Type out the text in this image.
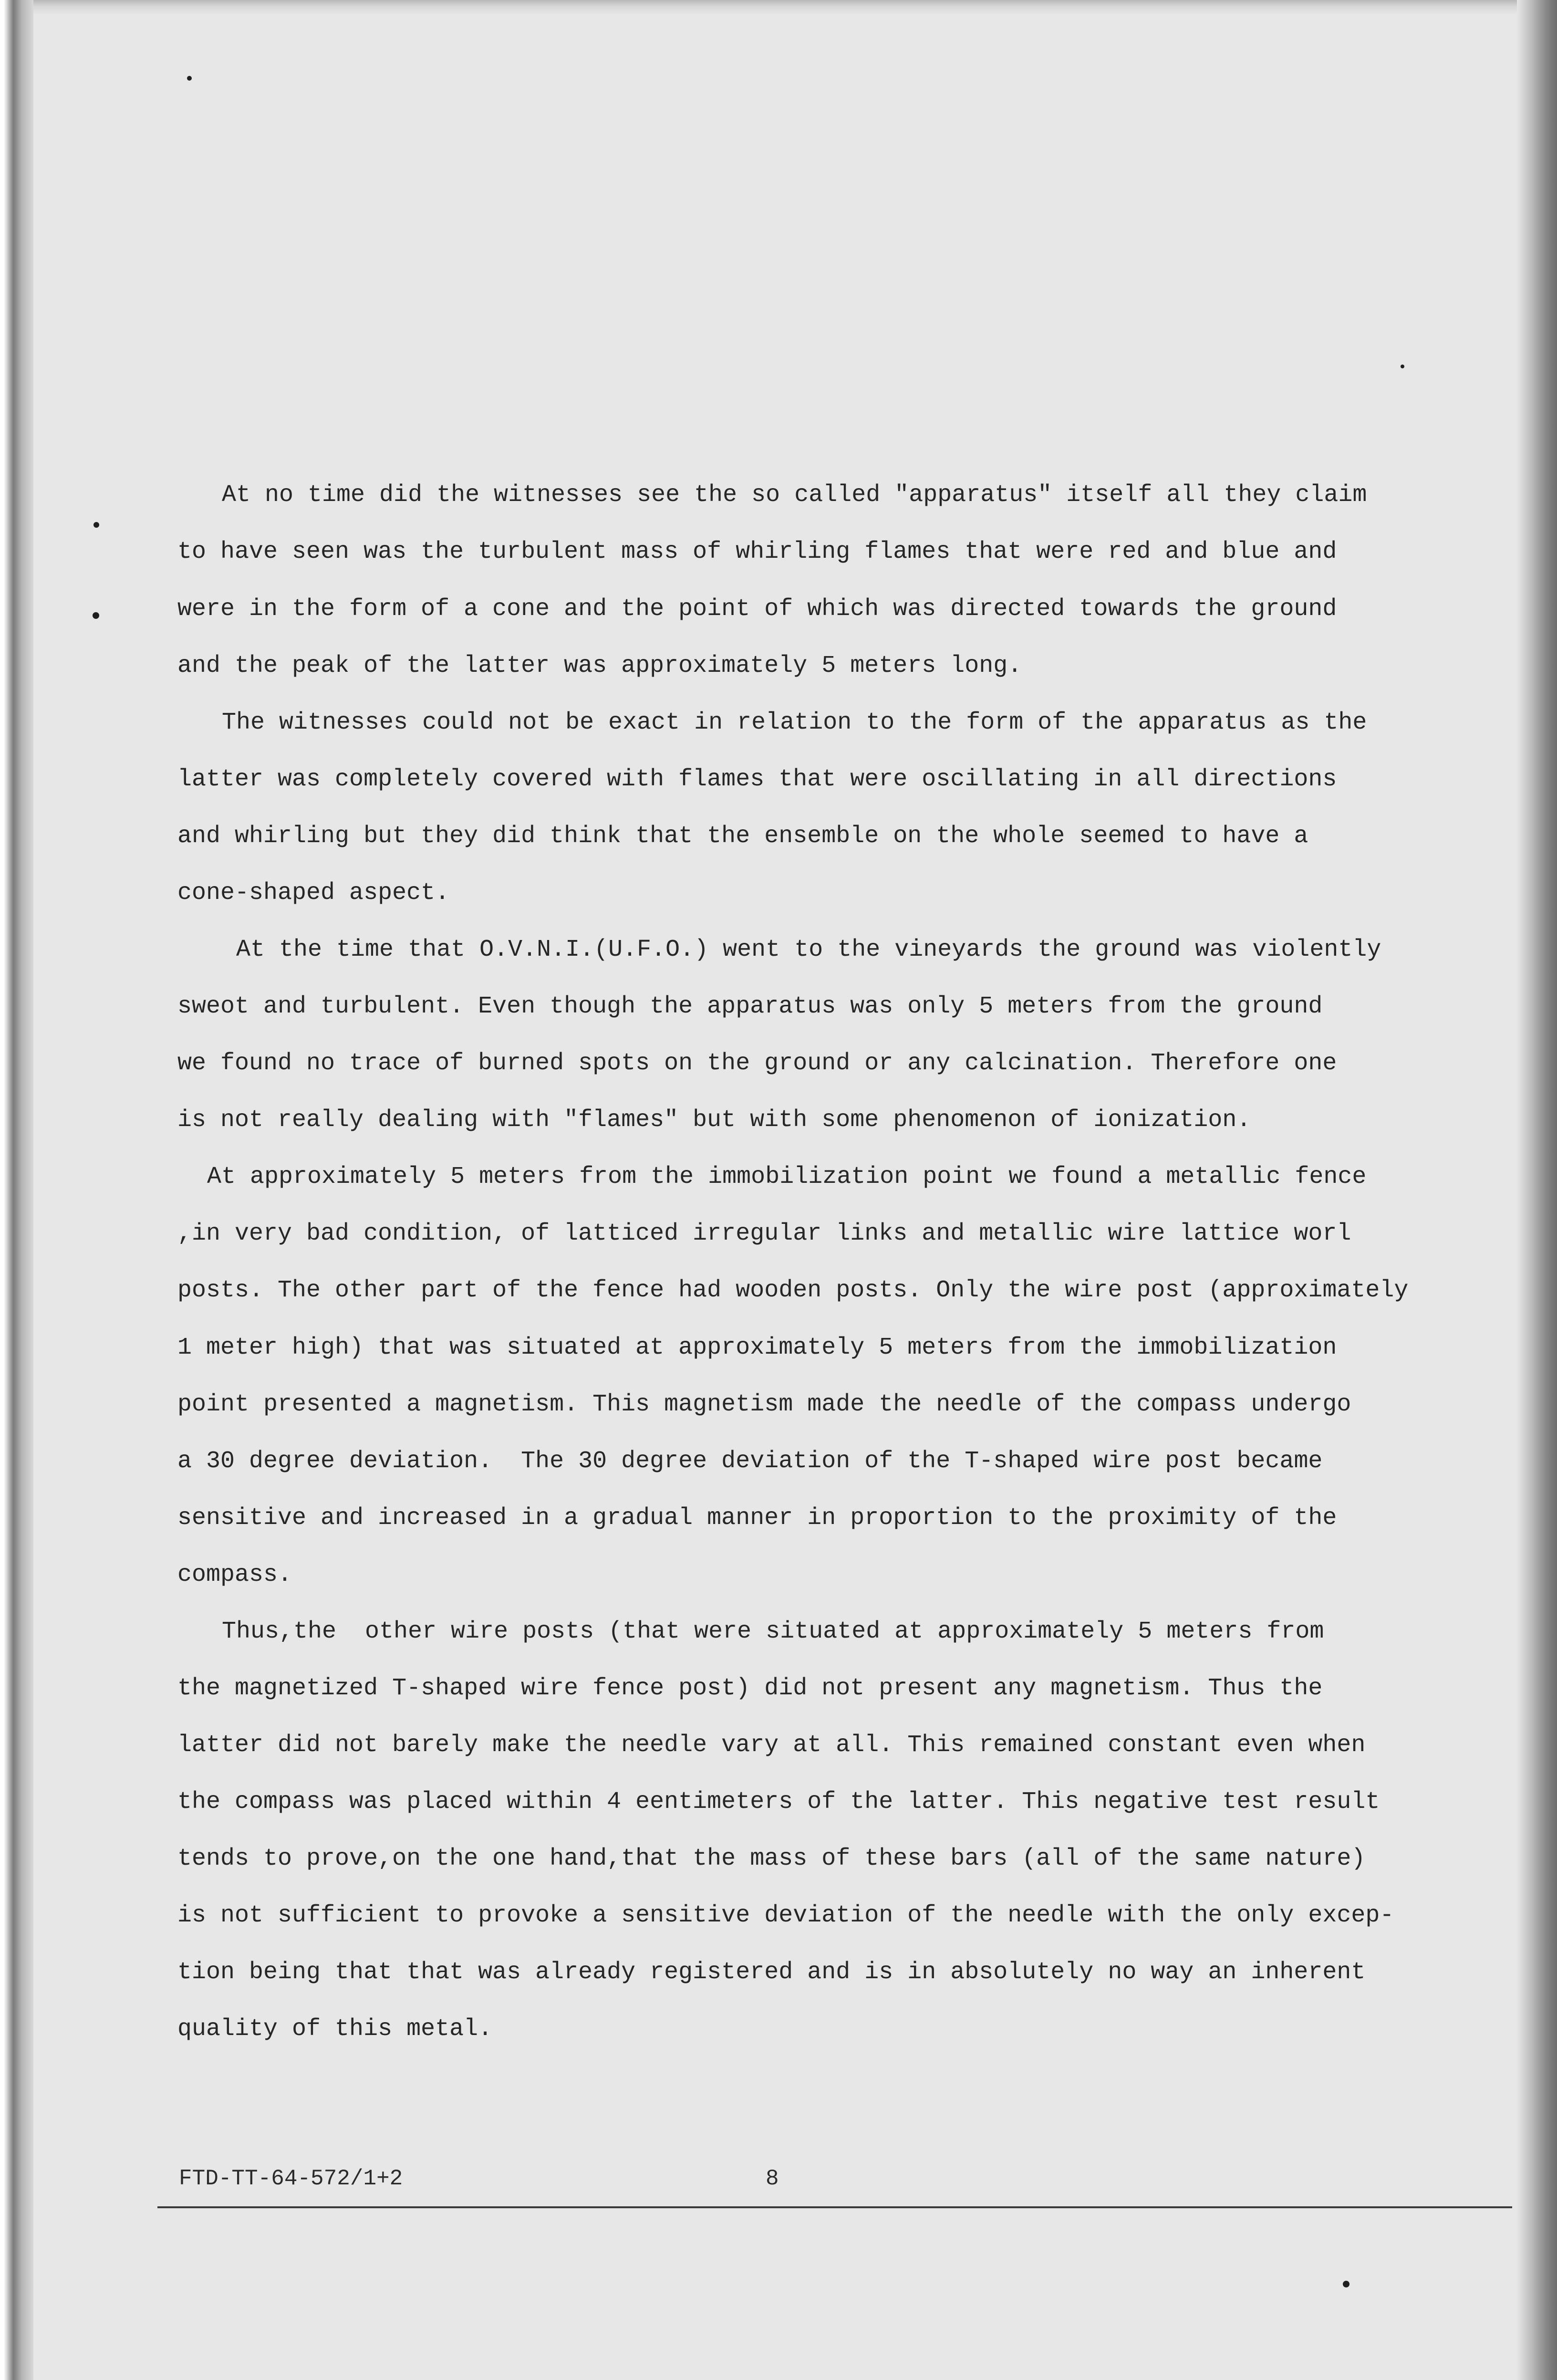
At no time did the witnesses see the so called "apparatus" itself all they claim
to have seen was the turbulent mass of whirling flames that were red and blue and
were in the form of a cone and the point of which was directed towards the ground
and the peak of the latter was approximately 5 meters long.
The witnesses could not be exact in relation to the form of the apparatus as the
latter was completely covered with flames that were oscillating in all directions
and whirling but they did think that the ensemble on the whole seemed to have a
cone-shaped aspect.
At the time that O.V.N.I.(U.F.O.) went to the vineyards the ground was violently
sweot and turbulent. Even though the apparatus was only 5 meters from the ground
we found no trace of burned spots on the ground or any calcination. Therefore one
is not really dealing with "flames" but with some phenomenon of ionization.
At approximately 5 meters from the immobilization point we found a metallic fence
,in very bad condition, of latticed irregular links and metallic wire lattice worl
posts. The other part of the fence had wooden posts. Only the wire post (approximately
1 meter high) that was situated at approximately 5 meters from the immobilization
point presented a magnetism. This magnetism made the needle of the compass undergo
a 30 degree deviation.  The 30 degree deviation of the T-shaped wire post became
sensitive and increased in a gradual manner in proportion to the proximity of the
compass.
Thus,the  other wire posts (that were situated at approximately 5 meters from
the magnetized T-shaped wire fence post) did not present any magnetism. Thus the
latter did not barely make the needle vary at all. This remained constant even when
the compass was placed within 4 eentimeters of the latter. This negative test result
tends to prove,on the one hand,that the mass of these bars (all of the same nature)
is not sufficient to provoke a sensitive deviation of the needle with the only excep-
tion being that that was already registered and is in absolutely no way an inherent
quality of this metal.
FTD-TT-64-572/1+2	8
